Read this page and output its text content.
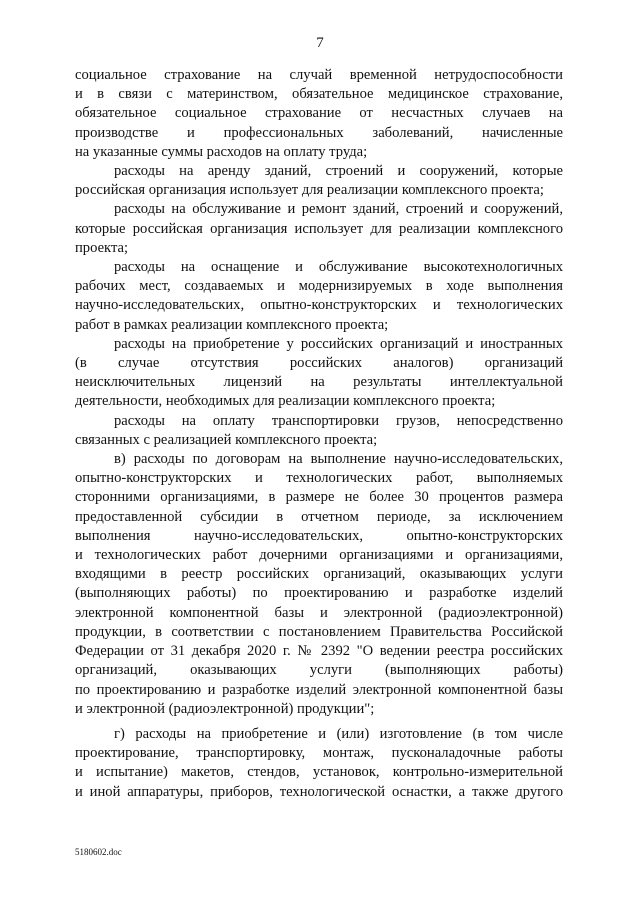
7
социальное страхование на случай временной нетрудоспособности
и в связи с материнством, обязательное медицинское страхование,
обязательное социальное страхование от несчастных случаев на
производстве и профессиональных заболеваний, начисленные
на указанные суммы расходов на оплату труда;
расходы на аренду зданий, строений и сооружений, которые
российская организация использует для реализации комплексного проекта;
расходы на обслуживание и ремонт зданий, строений и сооружений,
которые российская организация использует для реализации комплексного
проекта;
расходы на оснащение и обслуживание высокотехнологичных
рабочих мест, создаваемых и модернизируемых в ходе выполнения
научно-исследовательских, опытно-конструкторских и технологических
работ в рамках реализации комплексного проекта;
расходы на приобретение у российских организаций и иностранных
(в случае отсутствия российских аналогов) организаций
неисключительных лицензий на результаты интеллектуальной
деятельности, необходимых для реализации комплексного проекта;
расходы на оплату транспортировки грузов, непосредственно
связанных с реализацией комплексного проекта;
в) расходы по договорам на выполнение научно-исследовательских,
опытно-конструкторских и технологических работ, выполняемых
сторонними организациями, в размере не более 30 процентов размера
предоставленной субсидии в отчетном периоде, за исключением
выполнения научно-исследовательских, опытно-конструкторских
и технологических работ дочерними организациями и организациями,
входящими в реестр российских организаций, оказывающих услуги
(выполняющих работы) по проектированию и разработке изделий
электронной компонентной базы и электронной (радиоэлектронной)
продукции, в соответствии с постановлением Правительства Российской
Федерации от 31 декабря 2020 г. № 2392 "О ведении реестра российских
организаций, оказывающих услуги (выполняющих работы)
по проектированию и разработке изделий электронной компонентной базы
и электронной (радиоэлектронной) продукции";
г) расходы на приобретение и (или) изготовление (в том числе
проектирование, транспортировку, монтаж, пусконаладочные работы
и испытание) макетов, стендов, установок, контрольно-измерительной
и иной аппаратуры, приборов, технологической оснастки, а также другого
5180602.doc
